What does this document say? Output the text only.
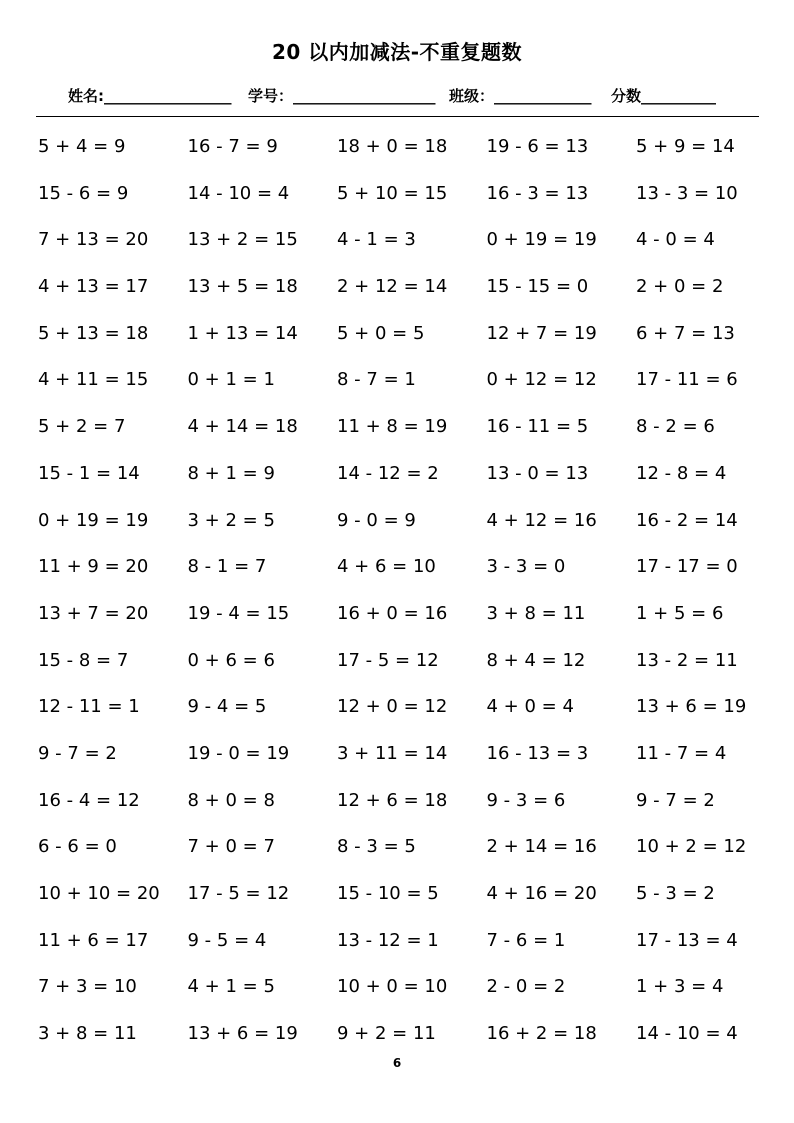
20 以内加减法-不重复题数
姓名:_________________ 学号：___________________ 班级：_____________ 分数__________
5 + 4 = 9	16 - 7 = 9	18 + 0 = 18	19 - 6 = 13	5 + 9 = 14
15 - 6 = 9	14 - 10 = 4	5 + 10 = 15	16 - 3 = 13	13 - 3 = 10
7 + 13 = 20	13 + 2 = 15	4 - 1 = 3	0 + 19 = 19	4 - 0 = 4
4 + 13 = 17	13 + 5 = 18	2 + 12 = 14	15 - 15 = 0	2 + 0 = 2
5 + 13 = 18	1 + 13 = 14	5 + 0 = 5	12 + 7 = 19	6 + 7 = 13
4 + 11 = 15	0 + 1 = 1	8 - 7 = 1	0 + 12 = 12	17 - 11 = 6
5 + 2 = 7	4 + 14 = 18	11 + 8 = 19	16 - 11 = 5	8 - 2 = 6
15 - 1 = 14	8 + 1 = 9	14 - 12 = 2	13 - 0 = 13	12 - 8 = 4
0 + 19 = 19	3 + 2 = 5	9 - 0 = 9	4 + 12 = 16	16 - 2 = 14
11 + 9 = 20	8 - 1 = 7	4 + 6 = 10	3 - 3 = 0	17 - 17 = 0
13 + 7 = 20	19 - 4 = 15	16 + 0 = 16	3 + 8 = 11	1 + 5 = 6
15 - 8 = 7	0 + 6 = 6	17 - 5 = 12	8 + 4 = 12	13 - 2 = 11
12 - 11 = 1	9 - 4 = 5	12 + 0 = 12	4 + 0 = 4	13 + 6 = 19
9 - 7 = 2	19 - 0 = 19	3 + 11 = 14	16 - 13 = 3	11 - 7 = 4
16 - 4 = 12	8 + 0 = 8	12 + 6 = 18	9 - 3 = 6	9 - 7 = 2
6 - 6 = 0	7 + 0 = 7	8 - 3 = 5	2 + 14 = 16	10 + 2 = 12
10 + 10 = 20	17 - 5 = 12	15 - 10 = 5	4 + 16 = 20	5 - 3 = 2
11 + 6 = 17	9 - 5 = 4	13 - 12 = 1	7 - 6 = 1	17 - 13 = 4
7 + 3 = 10	4 + 1 = 5	10 + 0 = 10	2 - 0 = 2	1 + 3 = 4
3 + 8 = 11	13 + 6 = 19	9 + 2 = 11	16 + 2 = 18	14 - 10 = 4
6
